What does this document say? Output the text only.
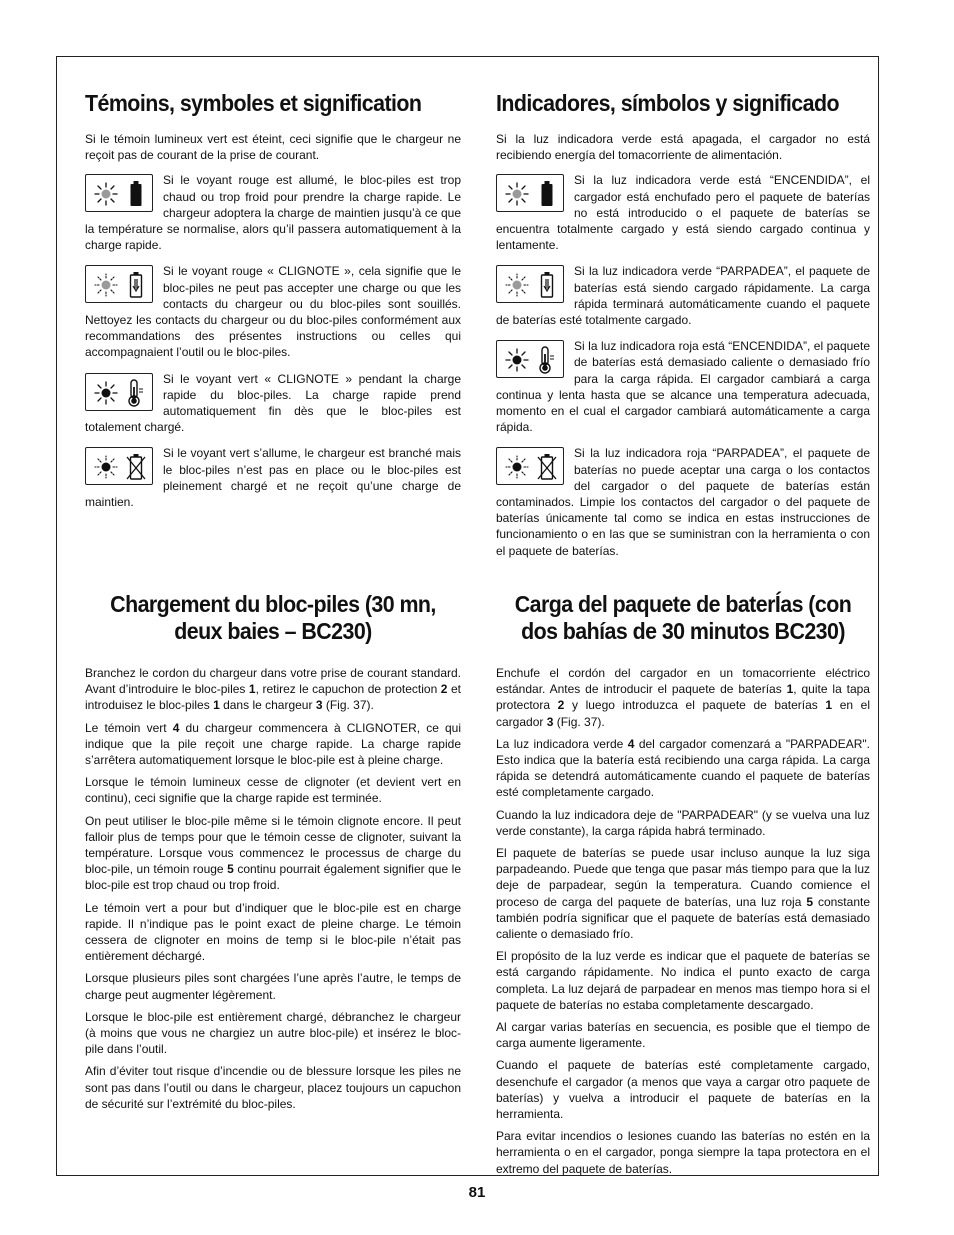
Témoins, symboles et signification

Si le témoin lumineux vert est éteint, ceci signifie que le chargeur ne reçoit pas de courant de la prise de courant.

Si le voyant rouge est allumé, le bloc-piles est trop chaud ou trop froid pour prendre la charge rapide. Le chargeur adoptera la charge de maintien jusqu’à ce que la température se normalise, alors qu’il passera automatiquement à la charge rapide.
Si le voyant rouge « CLIGNOTE », cela signifie que le bloc-piles ne peut pas accepter une charge ou que les contacts du chargeur ou du bloc-piles sont souillés. Nettoyez les contacts du chargeur ou du bloc-piles conformément aux recommandations des présentes instructions ou celles qui accompagnaient l’outil ou le bloc-piles.
Si le voyant vert « CLIGNOTE » pendant la charge rapide du bloc-piles. La charge rapide prend automatiquement fin dès que le bloc-piles est totalement chargé.
Si le voyant vert s’allume, le chargeur est branché mais le bloc-piles n’est pas en place ou le bloc-piles est pleinement chargé et ne reçoit qu’une charge de maintien.
Indicadores, símbolos y significado

Si la luz indicadora verde está apagada, el cargador no está recibiendo energía del tomacorriente de alimentación.

Si la luz indicadora verde está “ENCENDIDA”, el cargador está enchufado pero el paquete de baterías no está introducido o el paquete de baterías se encuentra totalmente cargado y está siendo cargado continua y lentamente.
Si la luz indicadora verde “PARPADEA”, el paquete de baterías está siendo cargado rápidamente. La carga rápida terminará automáticamente cuando el paquete de baterías esté totalmente cargado.
Si la luz indicadora roja está “ENCENDIDA”, el paquete de baterías está demasiado caliente o demasiado frío para la carga rápida. El cargador cambiará a carga continua y lenta hasta que se alcance una temperatura adecuada, momento en el cual el cargador cambiará automáticamente a carga rápida.
Si la luz indicadora roja “PARPADEA”, el paquete de baterías no puede aceptar una carga o los contactos del cargador o del paquete de baterías están contaminados. Limpie los contactos del cargador o del paquete de baterías únicamente tal como se indica en estas instrucciones de funcionamiento o en las que se suministran con la herramienta o con el paquete de baterías.
Chargement du bloc-piles (30 mn,
deux baies – BC230)

Branchez le cordon du chargeur dans votre prise de courant standard. Avant d’introduire le bloc-piles 1, retirez le capuchon de protection 2 et introduisez le bloc-piles 1 dans le chargeur 3 (Fig. 37).

Le témoin vert 4 du chargeur commencera à CLIGNOTER, ce qui indique que la pile reçoit une charge rapide. La charge rapide s’arrêtera automatiquement lorsque le bloc-pile est à pleine charge.

Lorsque le témoin lumineux cesse de clignoter (et devient vert en continu), ceci signifie que la charge rapide est terminée.

On peut utiliser le bloc-pile même si le témoin clignote encore. Il peut falloir plus de temps pour que le témoin cesse de clignoter, suivant la température. Lorsque vous commencez le processus de charge du bloc-pile, un témoin rouge 5 continu pourrait également signifier que le bloc-pile est trop chaud ou trop froid.

Le témoin vert a pour but d’indiquer que le bloc-pile est en charge rapide. Il n’indique pas le point exact de pleine charge. Le témoin cessera de clignoter en moins de temp si le bloc-pile n’était pas entièrement déchargé.

Lorsque plusieurs piles sont chargées l’une après l’autre, le temps de charge peut augmenter légèrement.

Lorsque le bloc-pile est entièrement chargé, débranchez le chargeur (à moins que vous ne chargiez un autre bloc-pile) et insérez le bloc-pile dans l’outil.

Afin d’éviter tout risque d’incendie ou de blessure lorsque les piles ne sont pas dans l’outil ou dans le chargeur, placez toujours un capuchon de sécurité sur l’extrémité du bloc-piles.

Carga del paquete de baterÍas (con
dos bahías de 30 minutos BC230)

Enchufe el cordón del cargador en un tomacorriente eléctrico estándar. Antes de introducir el paquete de baterías 1, quite la tapa protectora 2 y luego introduzca el paquete de baterías 1 en el cargador 3 (Fig. 37).

La luz indicadora verde 4 del cargador comenzará a "PARPADEAR". Esto indica que la batería está recibiendo una carga rápida. La carga rápida se detendrá automáticamente cuando el paquete de baterías esté completamente cargado.

Cuando la luz indicadora deje de "PARPADEAR" (y se vuelva una luz verde constante), la carga rápida habrá terminado.

El paquete de baterías se puede usar incluso aunque la luz siga parpadeando. Puede que tenga que pasar más tiempo para que la luz deje de parpadear, según la temperatura. Cuando comience el proceso de carga del paquete de baterías, una luz roja 5 constante también podría significar que el paquete de baterías está demasiado caliente o demasiado frío.

El propósito de la luz verde es indicar que el paquete de baterías se está cargando rápidamente. No indica el punto exacto de carga completa. La luz dejará de parpadear en menos mas tiempo hora si el paquete de baterías no estaba completamente descargado.

Al cargar varias baterías en secuencia, es posible que el tiempo de carga aumente ligeramente.

Cuando el paquete de baterías esté completamente cargado, desenchufe el cargador (a menos que vaya a cargar otro paquete de baterías) y vuelva a introducir el paquete de baterías en la herramienta.

Para evitar incendios o lesiones cuando las baterías no estén en la herramienta o en el cargador, ponga siempre la tapa protectora en el extremo del paquete de baterías.

81
